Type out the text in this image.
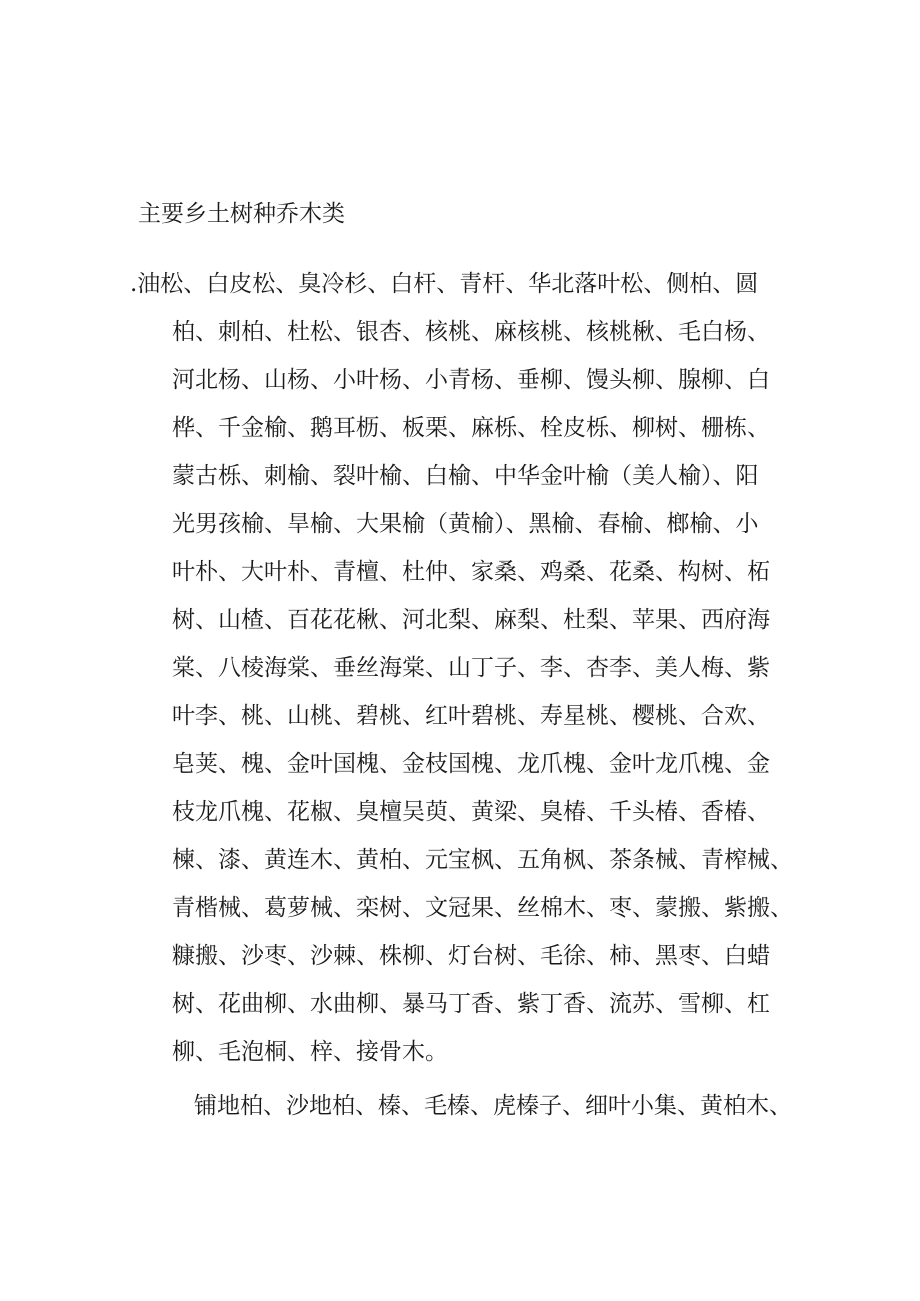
主要乡土树种乔木类
.油松、白皮松、臭冷杉、白杆、青杆、华北落叶松、侧柏、圆
柏、刺柏、杜松、银杏、核桃、麻核桃、核桃楸、毛白杨、
河北杨、山杨、小叶杨、小青杨、垂柳、馒头柳、腺柳、白
桦、千金榆、鹅耳枥、板栗、麻栎、栓皮栎、柳树、栅栋、
蒙古栎、刺榆、裂叶榆、白榆、中华金叶榆（美人榆）、阳
光男孩榆、旱榆、大果榆（黄榆）、黑榆、春榆、榔榆、小
叶朴、大叶朴、青檀、杜仲、家桑、鸡桑、花桑、构树、柘
树、山楂、百花花楸、河北梨、麻梨、杜梨、苹果、西府海
棠、八棱海棠、垂丝海棠、山丁子、李、杏李、美人梅、紫
叶李、桃、山桃、碧桃、红叶碧桃、寿星桃、樱桃、合欢、
皂荚、槐、金叶国槐、金枝国槐、龙爪槐、金叶龙爪槐、金
枝龙爪槐、花椒、臭檀吴萸、黄梁、臭椿、千头椿、香椿、
楝、漆、黄连木、黄柏、元宝枫、五角枫、茶条械、青榨械、
青楷械、葛萝械、栾树、文冠果、丝棉木、枣、蒙搬、紫搬、
糠搬、沙枣、沙棘、株柳、灯台树、毛徐、柿、黑枣、白蜡
树、花曲柳、水曲柳、暴马丁香、紫丁香、流苏、雪柳、杠
柳、毛泡桐、梓、接骨木。
铺地柏、沙地柏、榛、毛榛、虎榛子、细叶小集、黄柏木、
